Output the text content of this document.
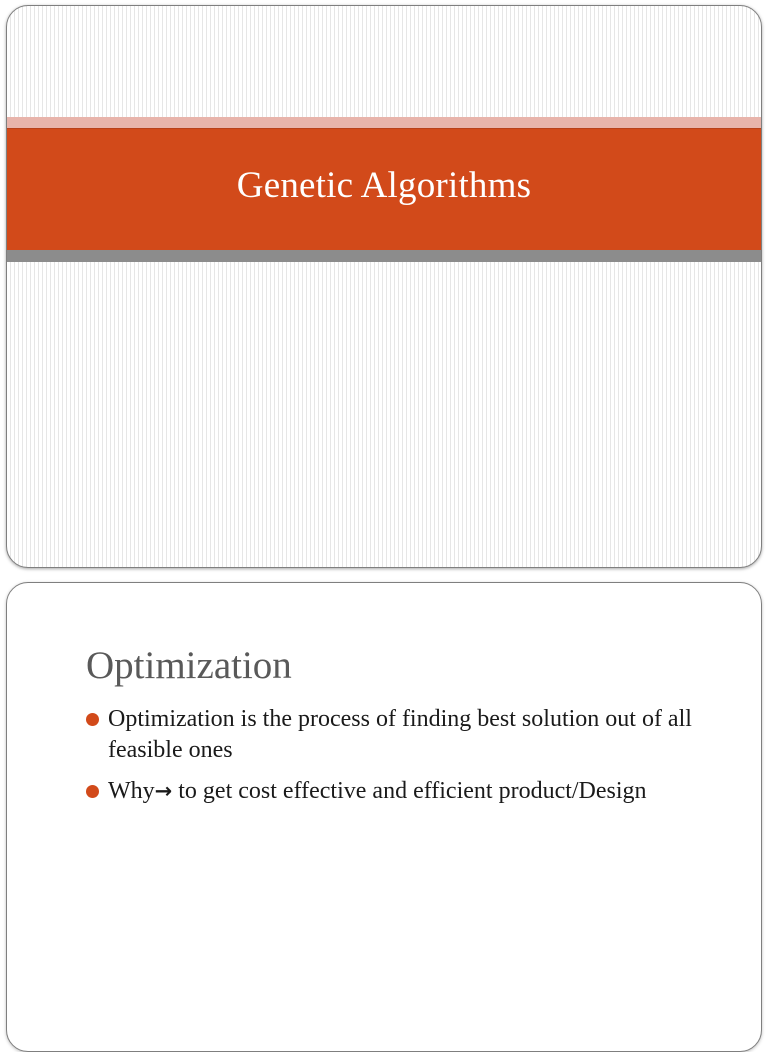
Genetic Algorithms
Optimization
Optimization is the process of finding best solution out of all feasible ones
Why→ to get cost effective and efficient product/Design
